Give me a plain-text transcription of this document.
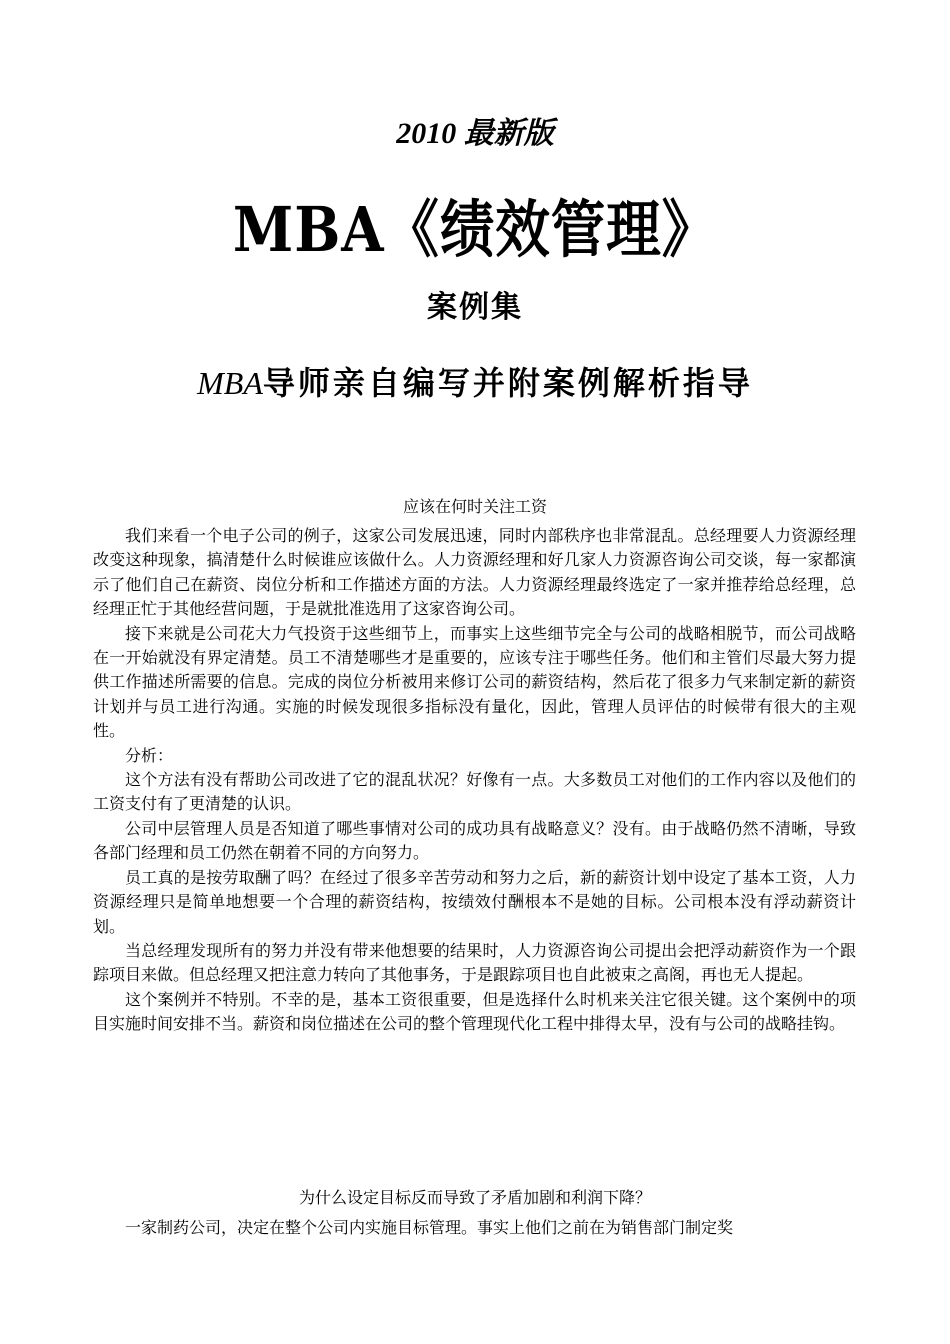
2010 最新版
MBA《绩效管理》
案例集
MBA导师亲自编写并附案例解析指导
应该在何时关注工资

我们来看一个电子公司的例子，这家公司发展迅速，同时内部秩序也非常混乱。总经理要人力资源经理改变这种现象，搞清楚什么时候谁应该做什么。人力资源经理和好几家人力资源咨询公司交谈，每一家都演示了他们自己在薪资、岗位分析和工作描述方面的方法。人力资源经理最终选定了一家并推荐给总经理，总经理正忙于其他经营问题，于是就批准选用了这家咨询公司。

接下来就是公司花大力气投资于这些细节上，而事实上这些细节完全与公司的战略相脱节，而公司战略在一开始就没有界定清楚。员工不清楚哪些才是重要的，应该专注于哪些任务。他们和主管们尽最大努力提供工作描述所需要的信息。完成的岗位分析被用来修订公司的薪资结构，然后花了很多力气来制定新的薪资计划并与员工进行沟通。实施的时候发现很多指标没有量化，因此，管理人员评估的时候带有很大的主观性。

分析：

这个方法有没有帮助公司改进了它的混乱状况？好像有一点。大多数员工对他们的工作内容以及他们的工资支付有了更清楚的认识。

公司中层管理人员是否知道了哪些事情对公司的成功具有战略意义？没有。由于战略仍然不清晰，导致各部门经理和员工仍然在朝着不同的方向努力。

员工真的是按劳取酬了吗？在经过了很多辛苦劳动和努力之后，新的薪资计划中设定了基本工资，人力资源经理只是简单地想要一个合理的薪资结构，按绩效付酬根本不是她的目标。公司根本没有浮动薪资计划。

当总经理发现所有的努力并没有带来他想要的结果时，人力资源咨询公司提出会把浮动薪资作为一个跟踪项目来做。但总经理又把注意力转向了其他事务，于是跟踪项目也自此被束之高阁，再也无人提起。

这个案例并不特别。不幸的是，基本工资很重要，但是选择什么时机来关注它很关键。这个案例中的项目实施时间安排不当。薪资和岗位描述在公司的整个管理现代化工程中排得太早，没有与公司的战略挂钩。

为什么设定目标反而导致了矛盾加剧和利润下降？

一家制药公司，决定在整个公司内实施目标管理。事实上他们之前在为销售部门制定奖
